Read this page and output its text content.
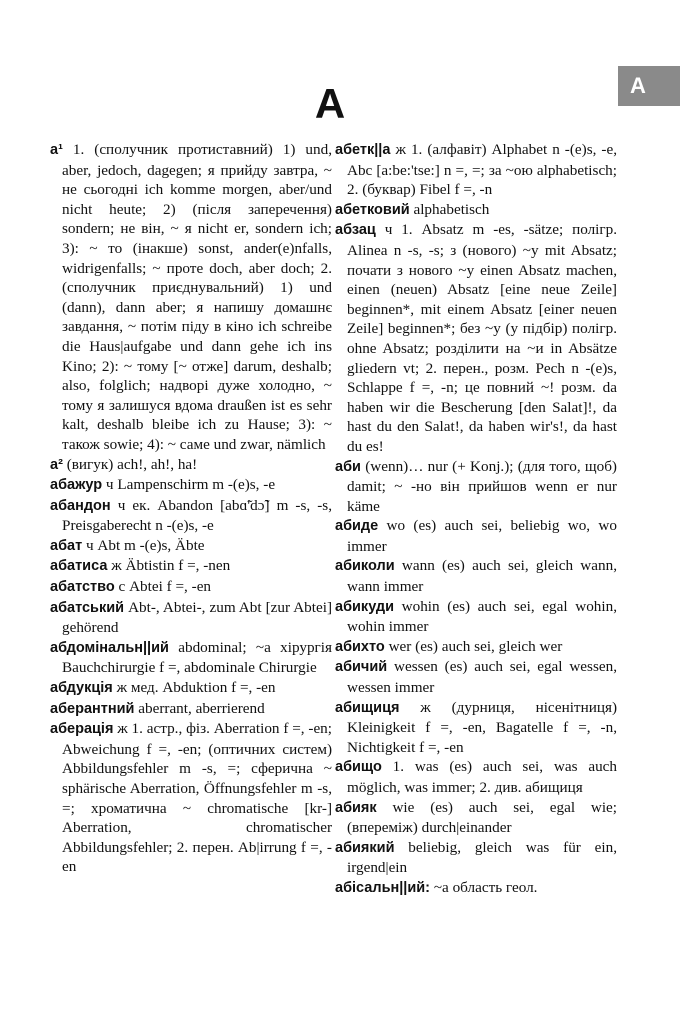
A
А
а¹ 1. (сполучник протиставний) 1) und, aber, jedoch, dagegen; я прийду завтра, ~ не сьогодні ich komme morgen, aber/und nicht heute; 2) (після заперечення) sondern; не він, ~ я nicht er, sondern ich; 3): ~ то (інакше) sonst, ander(e)nfalls, widrigenfalls; ~ проте doch, aber doch; 2. (сполучник приєднувальний) 1) und (dann), dann aber; я напишу домашнє завдання, ~ потім піду в кіно ich schreibe die Haus|aufgabe und dann gehe ich ins Kino; 2): ~ тому [~ отже] darum, deshalb; also, folglich; надворі дуже холодно, ~ тому я залишуся вдома draußen ist es sehr kalt, deshalb bleibe ich zu Hause; 3): ~ також sowie; 4): ~ саме und zwar, nämlich
а² (вигук) ach!, ah!, ha!
абажур ч Lampenschirm m -(e)s, -e
абандон ч ек. Abandon [abɑ̃'dɔ̃] m -s, -s, Preisgaberecht n -(e)s, -e
абат ч Abt m -(e)s, Äbte
абатиса ж Äbtistin f =, -nen
абатство с Abtei f =, -en
абатський Abt-, Abtei-, zum Abt [zur Abtei] gehörend
абдомінальн||ий abdominal; ~а хірургія Bauchchirurgie f =, abdominale Chirurgie
абдукція ж мед. Abduktion f =, -en
аберантний aberrant, aberrierend
аберація ж 1. астр., фіз. Aberration f =, -en; Abweichung f =, -en; (оптичних систем) Abbildungsfehler m -s, =; сферична ~ sphärische Aberration, Öffnungsfehler m -s, =; хроматична ~ chromatische [kr-] Aberration, chromatischer Abbildungsfehler; 2. перен. Ab|irrung f =, -en
абетк||а ж 1. (алфавіт) Alphabet n -(e)s, -e, Abc [a:be:'tse:] n =, =; за ~ою alphabetisch; 2. (буквар) Fibel f =, -n
абетковий alphabetisch
абзац ч 1. Absatz m -es, -sätze; полігр. Alinea n -s, -s; з (нового) ~у mit Absatz; почати з нового ~у einen Absatz machen, einen (neuen) Absatz [eine neue Zeile] beginnen*, mit einem Absatz [einer neuen Zeile] beginnen*; без ~у (у підбір) полігр. ohne Absatz; розділити на ~и in Absätze gliedern vt; 2. перен., розм. Pech n -(e)s, Schlappe f =, -n; це повний ~! розм. da haben wir die Bescherung [den Salat]!, da hast du den Salat!, da haben wir's!, da hast du es!
аби (wenn)… nur (+ Konj.); (для того, щоб) damit; ~ -но він прийшов wenn er nur käme
абиде wo (es) auch sei, beliebig wo, wo immer
абиколи wann (es) auch sei, gleich wann, wann immer
абикуди wohin (es) auch sei, egal wohin, wohin immer
абихто wer (es) auch sei, gleich wer
абичий wessen (es) auch sei, egal wessen, wessen immer
абищиця ж (дурниця, нісенітниця) Kleinigkeit f =, -en, Bagatelle f =, -n, Nichtigkeit f =, -en
абищо 1. was (es) auch sei, was auch möglich, was immer; 2. див. абищиця
абияк wie (es) auch sei, egal wie; (впереміж) durch|einander
абиякий beliebig, gleich was für ein, irgend|ein
абісальн||ий: ~а область геол.
